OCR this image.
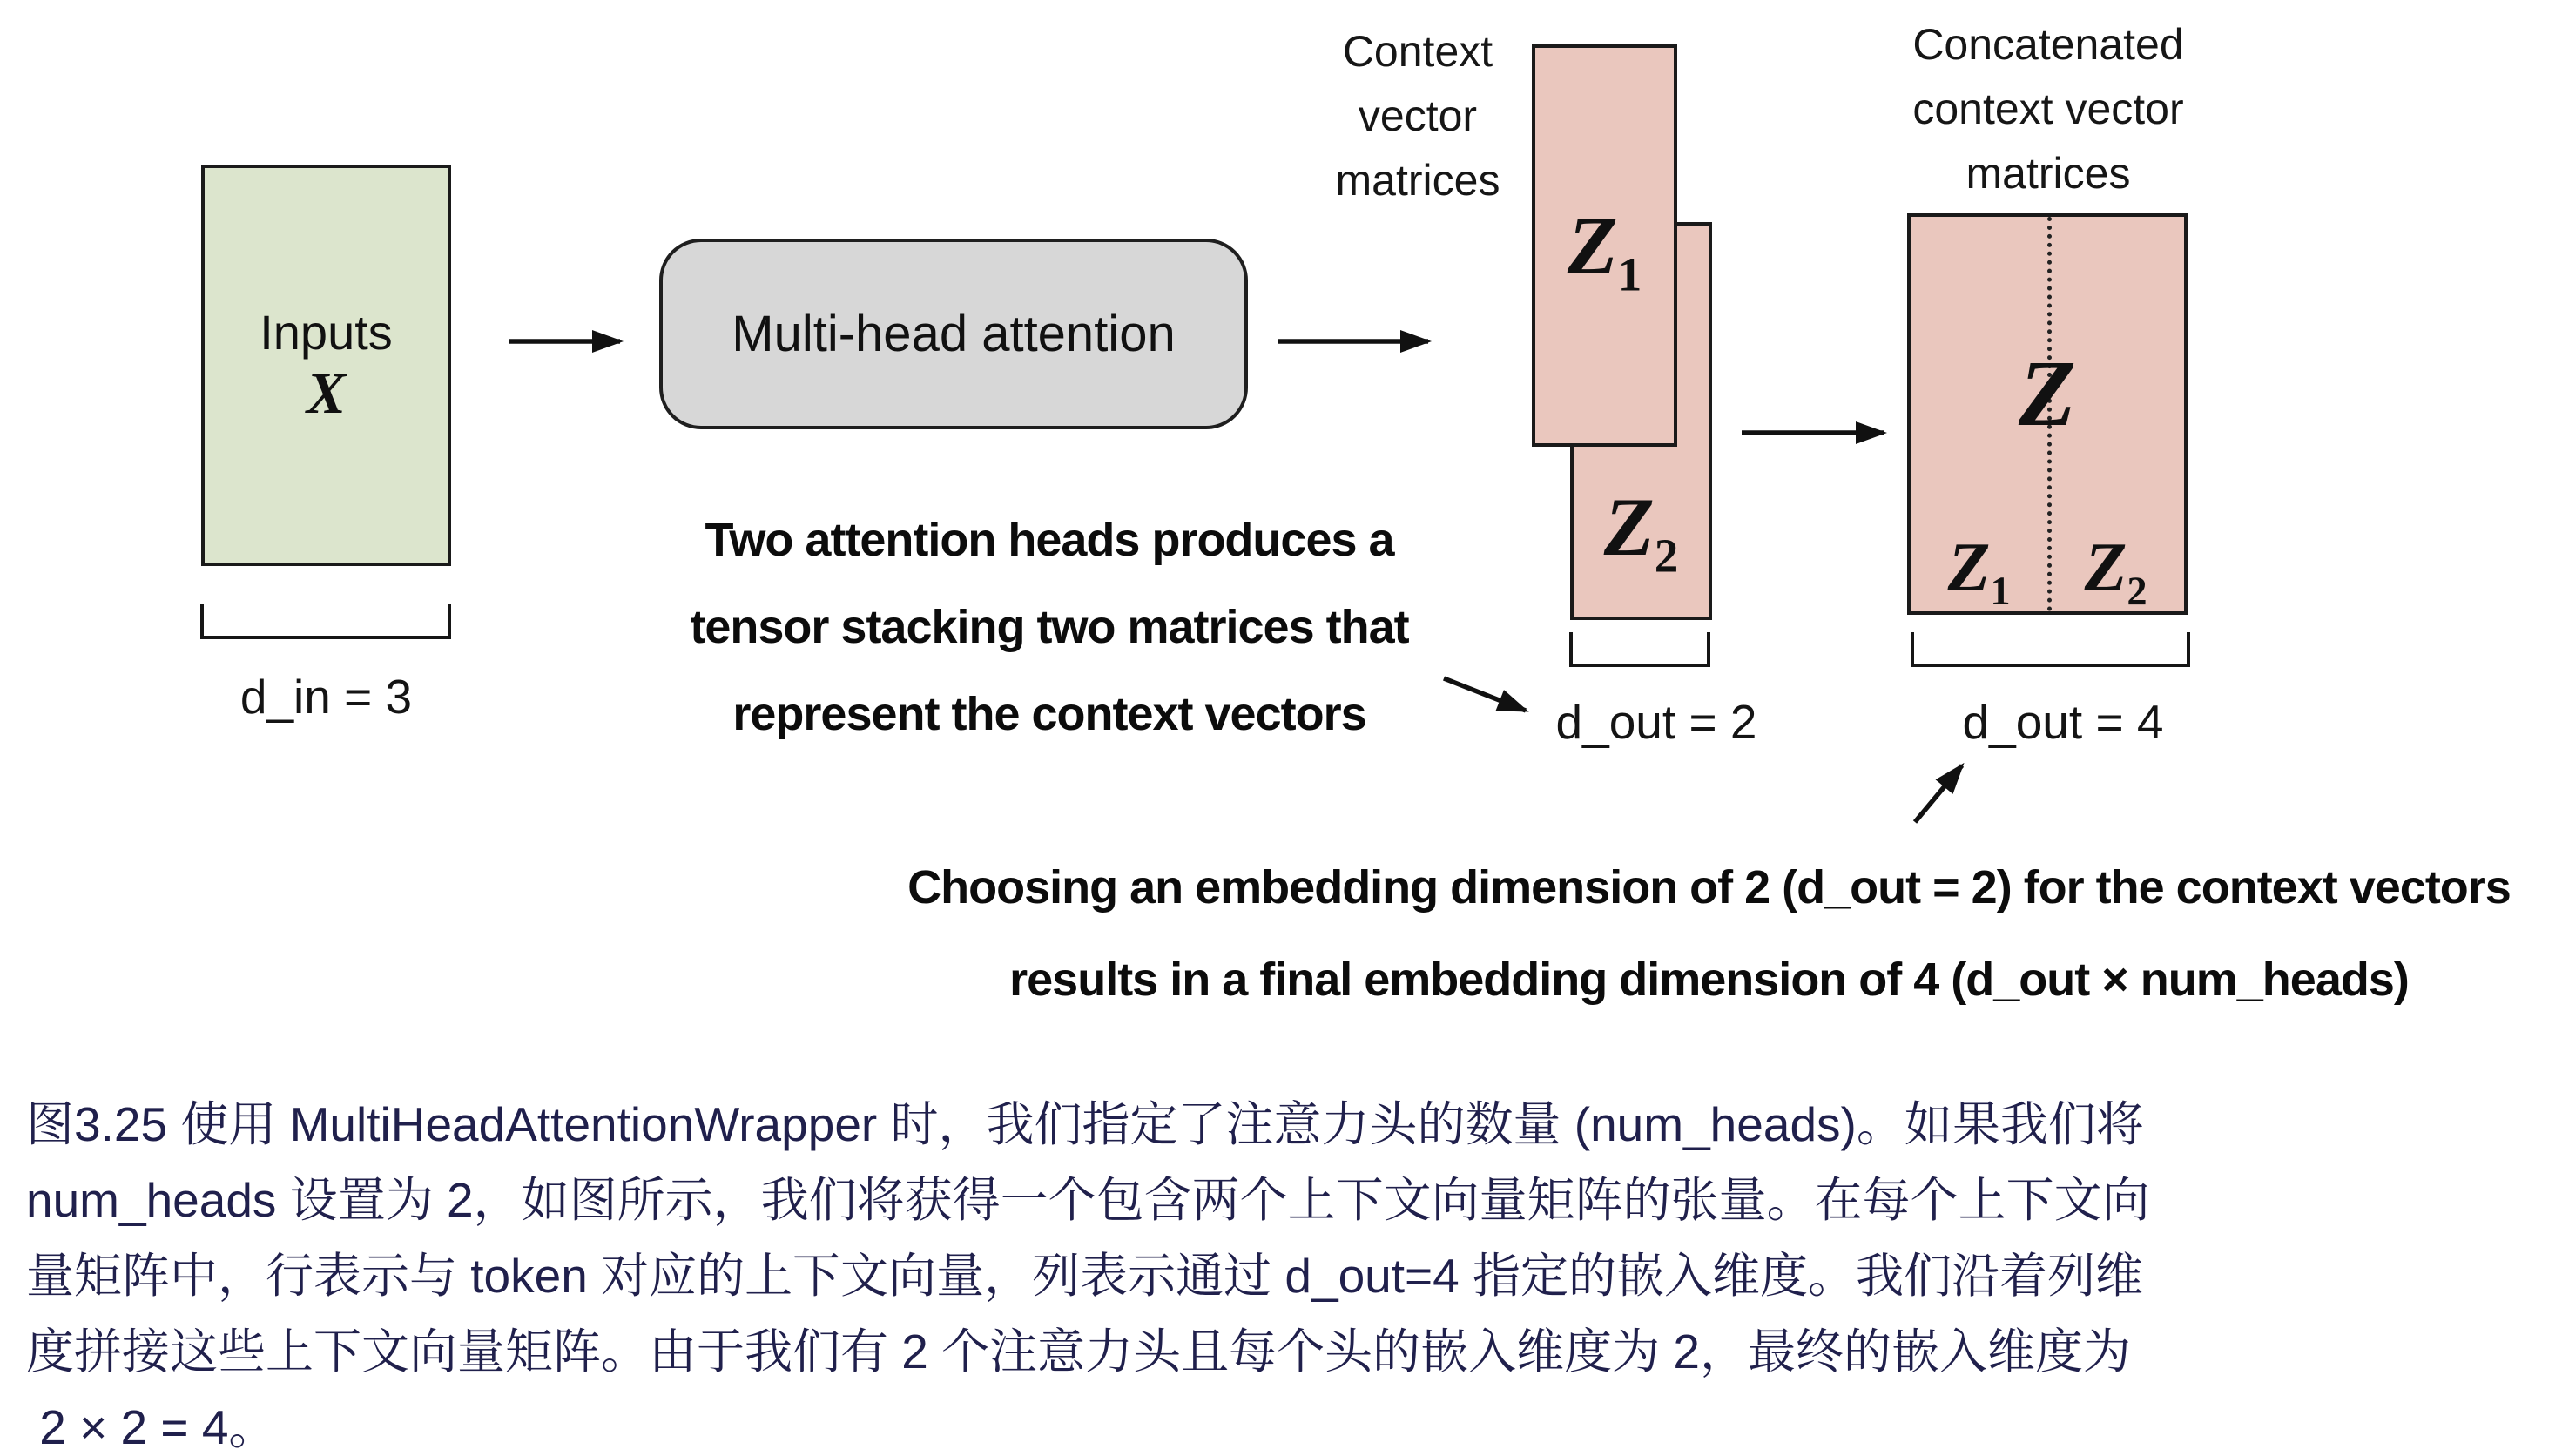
Inputs
X
d_in = 3
Multi-head attention
Context
vector
matrices
$Z_2$
$Z_1$
d_out = 2
Concatenated
context vector
matrices
Z
$Z_1$	$Z_2$
d_out = 4
Two attention heads produces a
tensor stacking two matrices that
represent the context vectors
Choosing an embedding dimension of 2 (d_out = 2) for the context vectors
results in a final embedding dimension of 4 (d_out × num_heads)
图3.25 使用 MultiHeadAttentionWrapper 时，我们指定了注意力头的数量 (num_heads)。如果我们将
num_heads 设置为 2，如图所示，我们将获得一个包含两个上下文向量矩阵的张量。在每个上下文向
量矩阵中，行表示与 token 对应的上下文向量，列表示通过 d_out=4 指定的嵌入维度。我们沿着列维
度拼接这些上下文向量矩阵。由于我们有 2 个注意力头且每个头的嵌入维度为 2，最终的嵌入维度为
2 × 2 = 4。
